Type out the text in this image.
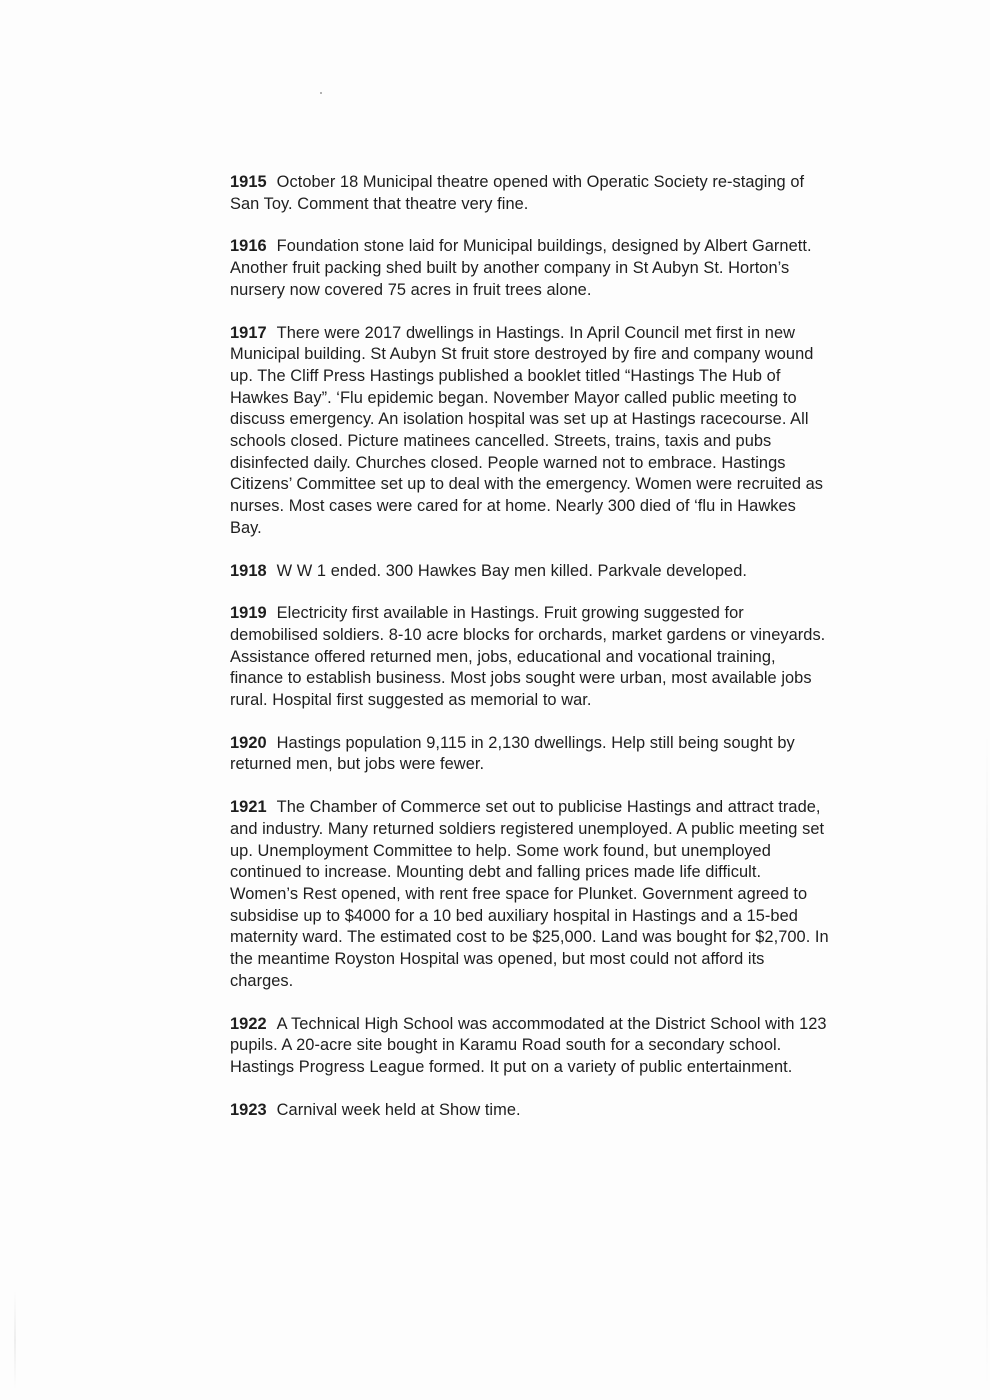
1915 October 18 Municipal theatre opened with Operatic Society re-staging of San Toy. Comment that theatre very fine.

1916 Foundation stone laid for Municipal buildings, designed by Albert Garnett. Another fruit packing shed built by another company in St Aubyn St. Horton’s nursery now covered 75 acres in fruit trees alone.

1917 There were 2017 dwellings in Hastings. In April Council met first in new Municipal building. St Aubyn St fruit store destroyed by fire and company wound up. The Cliff Press Hastings published a booklet titled “Hastings The Hub of Hawkes Bay”. ‘Flu epidemic began. November Mayor called public meeting to discuss emergency. An isolation hospital was set up at Hastings racecourse. All schools closed. Picture matinees cancelled. Streets, trains, taxis and pubs disinfected daily. Churches closed. People warned not to embrace. Hastings Citizens’ Committee set up to deal with the emergency. Women were recruited as nurses. Most cases were cared for at home. Nearly 300 died of ‘flu in Hawkes Bay.

1918 W W 1 ended. 300 Hawkes Bay men killed. Parkvale developed.

1919 Electricity first available in Hastings. Fruit growing suggested for demobilised soldiers. 8-10 acre blocks for orchards, market gardens or vineyards. Assistance offered returned men, jobs, educational and vocational training, finance to establish business. Most jobs sought were urban, most available jobs rural. Hospital first suggested as memorial to war.

1920 Hastings population 9,115 in 2,130 dwellings. Help still being sought by returned men, but jobs were fewer.

1921 The Chamber of Commerce set out to publicise Hastings and attract trade, and industry. Many returned soldiers registered unemployed. A public meeting set up. Unemployment Committee to help. Some work found, but unemployed continued to increase. Mounting debt and falling prices made life difficult. Women’s Rest opened, with rent free space for Plunket. Government agreed to subsidise up to $4000 for a 10 bed auxiliary hospital in Hastings and a 15-bed maternity ward. The estimated cost to be $25,000. Land was bought for $2,700. In the meantime Royston Hospital was opened, but most could not afford its charges.

1922 A Technical High School was accommodated at the District School with 123 pupils. A 20-acre site bought in Karamu Road south for a secondary school. Hastings Progress League formed. It put on a variety of public entertainment.

1923 Carnival week held at Show time.
